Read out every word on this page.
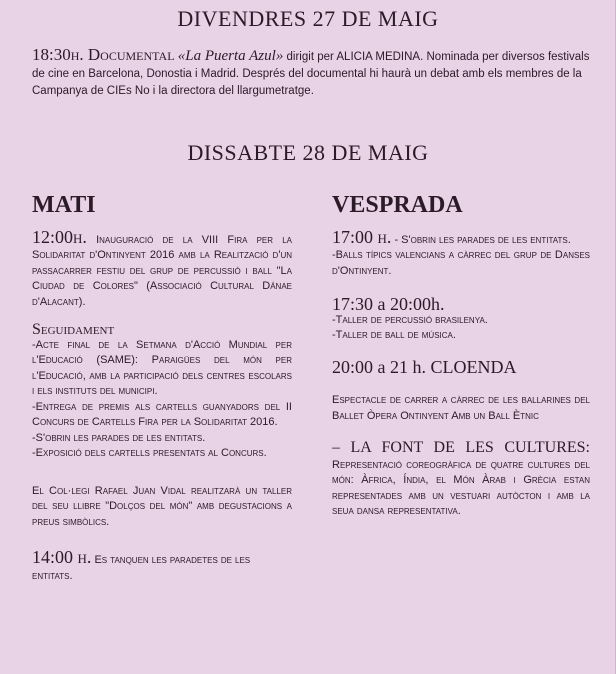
DIVENDRES 27 DE MAIG

18:30h. Documental «La Puerta Azul» dirigit per ALICIA MEDINA. Nominada per diversos festivals de cine en Barcelona, Donostia i Madrid. Després del documental hi haurà un debat amb els membres de la Campanya de CIEs No i la directora del llargumetratge.

DISSABTE 28 DE MAIG
MATI

12:00h. Inauguració de la VIII Fira per la Solidaritat d'Ontinyent 2016 amb la Realització d'un passacarrer festiu del grup de percussió i ball "La Ciudad de Colores" (Associació Cultural Dánae d'Alacant).

Seguidament

-Acte final de la Setmana d'Acció Mundial per l'Educació (SAME): Paraigües del món per l'Educació, amb la participació dels centres escolars i els instituts del municipi.

-Entrega de premis als cartells guanyadors del II Concurs de Cartells Fira per la Solidaritat 2016.

-S'obrin les parades de les entitats.

-Exposició dels cartells presentats al Concurs.

El Col·legi Rafael Juan Vidal realitzarà un taller del seu llibre "Dolços del món" amb degustacions a preus simbòlics.

14:00 h. Es tanquen les paradetes de les entitats.

VESPRADA

17:00 h. - S'obrin les parades de les entitats.

-Balls típics valencians a càrrec del grup de Danses d'Ontinyent.

17:30 a 20:00h.

-Taller de percussió brasilenya.

-Taller de ball de música.

20:00 a 21 h. CLOENDA

Espectacle de carrer a càrrec de les ballarines del Ballet Òpera Ontinyent Amb un Ball Ètnic

– LA FONT DE LES CULTURES: Representació coreogràfica de quatre cultures del món: Àfrica, Índia, el Món Àrab i Grècia estan representades amb un vestuari autòcton i amb la seua dansa representativa.
